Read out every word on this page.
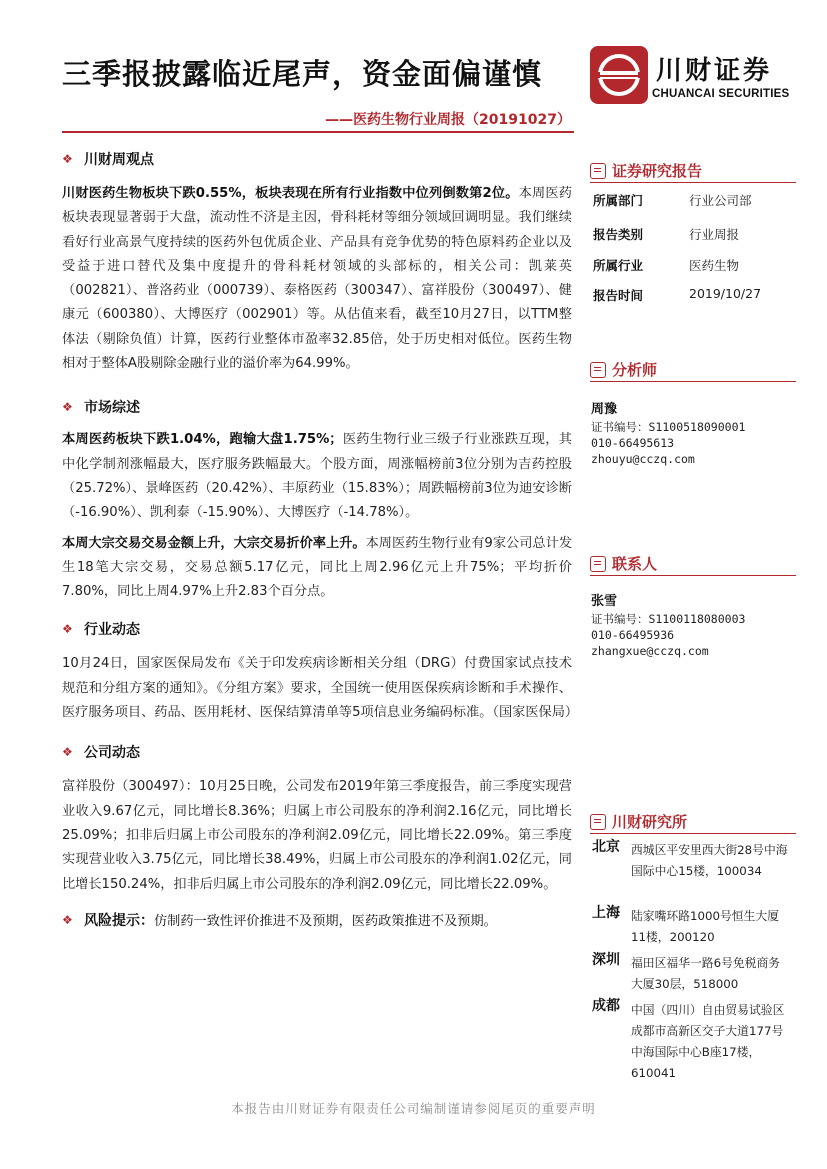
三季报披露临近尾声，资金面偏谨慎
——医药生物行业周报（20191027）
川财证券
CHUANCAI SECURITIES
❖ 川财周观点

川财医药生物板块下跌0.55%，板块表现在所有行业指数中位列倒数第2位。本周医药板块表现显著弱于大盘，流动性不济是主因，骨科耗材等细分领域回调明显。我们继续看好行业高景气度持续的医药外包优质企业、产品具有竞争优势的特色原料药企业以及受益于进口替代及集中度提升的骨科耗材领域的头部标的，相关公司：凯莱英（002821）、普洛药业（000739）、泰格医药（300347）、富祥股份（300497）、健康元（600380）、大博医疗（002901）等。从估值来看，截至10月27日，以TTM整体法（剔除负值）计算，医药行业整体市盈率32.85倍，处于历史相对低位。医药生物相对于整体A股剔除金融行业的溢价率为64.99%。

❖ 市场综述

本周医药板块下跌1.04%，跑输大盘1.75%；医药生物行业三级子行业涨跌互现，其中化学制剂涨幅最大，医疗服务跌幅最大。个股方面，周涨幅榜前3位分别为吉药控股（25.72%）、景峰医药（20.42%）、丰原药业（15.83%）；周跌幅榜前3位为迪安诊断（-16.90%）、凯利泰（-15.90%）、大博医疗（-14.78%）。

本周大宗交易交易金额上升，大宗交易折价率上升。本周医药生物行业有9家公司总计发生18笔大宗交易，交易总额5.17亿元，同比上周2.96亿元上升75%；平均折价7.80%，同比上周4.97%上升2.83个百分点。

❖ 行业动态

10月24日，国家医保局发布《关于印发疾病诊断相关分组（DRG）付费国家试点技术规范和分组方案的通知》。《分组方案》要求，全国统一使用医保疾病诊断和手术操作、医疗服务项目、药品、医用耗材、医保结算清单等5项信息业务编码标准。（国家医保局）

❖ 公司动态

富祥股份（300497）：10月25日晚，公司发布2019年第三季度报告，前三季度实现营业收入9.67亿元，同比增长8.36%；归属上市公司股东的净利润2.16亿元，同比增长25.09%；扣非后归属上市公司股东的净利润2.09亿元，同比增长22.09%。第三季度实现营业收入3.75亿元，同比增长38.49%，归属上市公司股东的净利润1.02亿元，同比增长150.24%，扣非后归属上市公司股东的净利润2.09亿元，同比增长22.09%。

❖ 风险提示： 仿制药一致性评价推进不及预期，医药政策推进不及预期。
证券研究报告
所属部门	行业公司部
报告类别	行业周报
所属行业	医药生物
报告时间	2019/10/27
分析师
周豫
证书编号：S1100518090001
010-66495613
zhouyu@cczq.com
联系人
张雪
证书编号：S1100118080003
010-66495936
zhangxue@cczq.com
川财研究所
北京 西城区平安里西大街28号中海国际中心15楼，100034
上海 陆家嘴环路1000号恒生大厦11楼，200120
深圳 福田区福华一路6号免税商务大厦30层，518000
成都 中国（四川）自由贸易试验区成都市高新区交子大道177号中海国际中心B座17楼，610041
本报告由川财证券有限责任公司编制谨请参阅尾页的重要声明
